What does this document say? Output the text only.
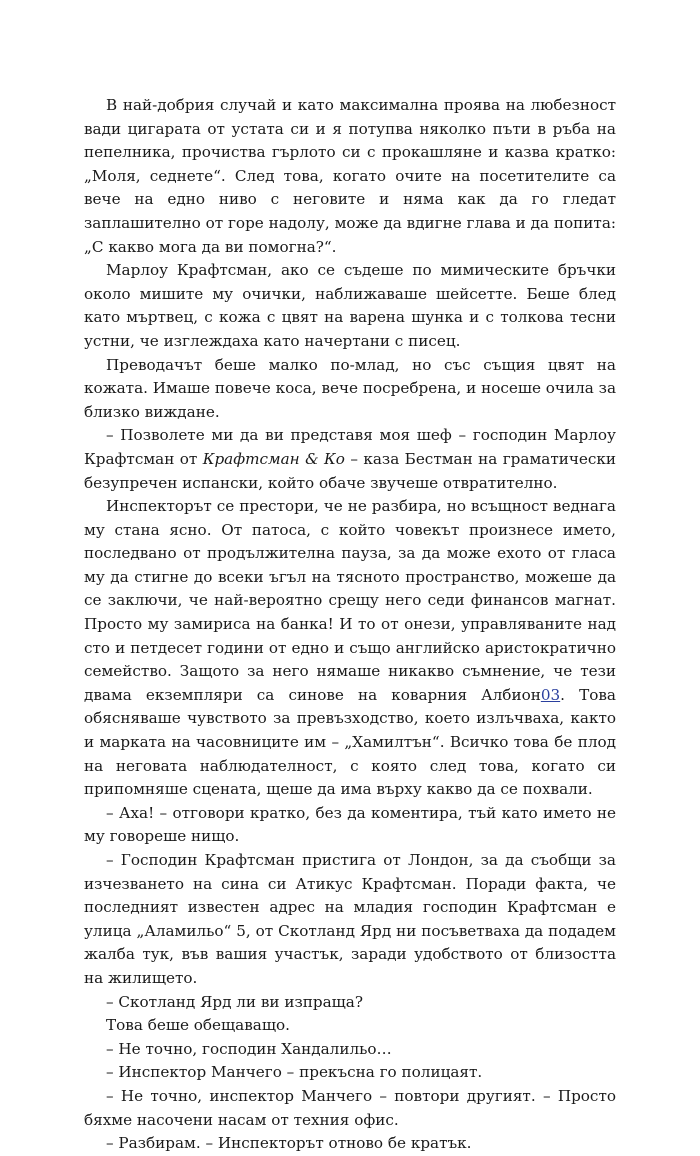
В най-добрия случай и като максимална проява на любезност вади цигарата от устата си и я потупва няколко пъти в ръба на пепелника, прочиства гърлото си с прокашляне и казва кратко: „Моля, седнете“. След това, когато очите на посетителите са вече на едно ниво с неговите и няма как да го гледат заплашително от горе надолу, може да вдигне глава и да попита: „С какво мога да ви помогна?“.

Марлоу Крафтсман, ако се съдеше по мимическите бръчки около мишите му очички, наближаваше шейсетте. Беше блед като мъртвец, с кожа с цвят на варена шунка и с толкова тесни устни, че изглеждаха като начертани с писец.

Преводачът беше малко по-млад, но със същия цвят на кожата. Имаше повече коса, вече посребрена, и носеше очила за близко виждане.

– Позволете ми да ви представя моя шеф – господин Марлоу Крафтсман от Крафтсман & Ко – каза Бестман на граматически безупречен испански, който обаче звучеше отвратително.

Инспекторът се престори, че не разбира, но всъщност веднага му стана ясно. От патоса, с който човекът произнесе името, последвано от продължителна пауза, за да може ехото от гласа му да стигне до всеки ъгъл на тясното пространство, можеше да се заключи, че най-вероятно срещу него седи финансов магнат. Просто му замириса на банка! И то от онези, управляваните над сто и петдесет години от едно и също английско аристократично семейство. Защото за него нямаше никакво съмнение, че тези двама екземпляри са синове на коварния Албион03. Това обясняваше чувството за превъзходство, което излъчваха, както и марката на часовниците им – „Хамилтън“. Всичко това бе плод на неговата наблюдателност, с която след това, когато си припомняше сцената, щеше да има върху какво да се похвали.

– Аха! – отговори кратко, без да коментира, тъй като името не му говореше нищо.

– Господин Крафтсман пристига от Лондон, за да съобщи за изчезването на сина си Атикус Крафтсман. Поради факта, че последният известен адрес на младия господин Крафтсман е улица „Аламильо“ 5, от Скотланд Ярд ни посъветваха да подадем жалба тук, във вашия участък, заради удобството от близостта на жилището.

– Скотланд Ярд ли ви изпраща?

Това беше обещаващо.

– Не точно, господин Хандалильо…

– Инспектор Манчего – прекъсна го полицаят.

– Не точно, инспектор Манчего – повтори другият. – Просто бяхме насочени насам от техния офис.

– Разбирам. – Инспекторът отново бе кратък.
